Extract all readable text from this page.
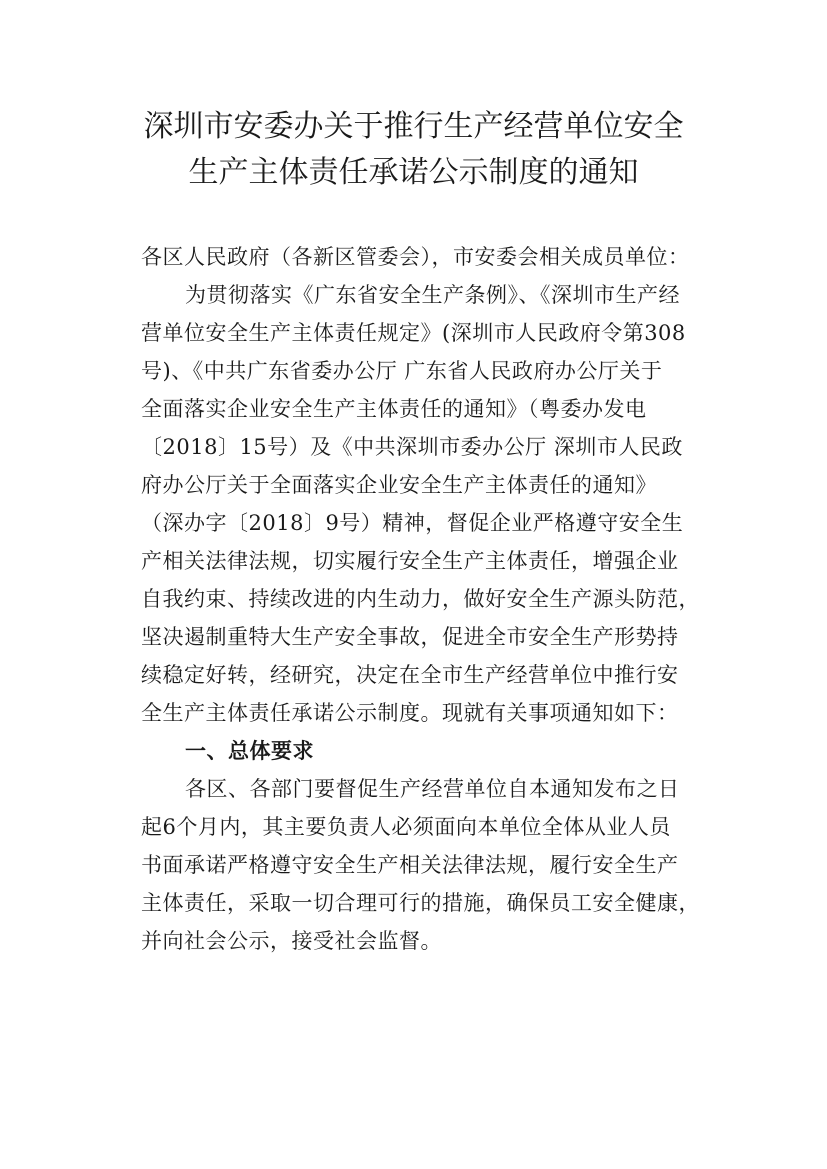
深圳市安委办关于推行生产经营单位安全
生产主体责任承诺公示制度的通知
各区人民政府（各新区管委会），市安委会相关成员单位：
为贯彻落实《广东省安全生产条例》、《深圳市生产经
营单位安全生产主体责任规定》(深圳市人民政府令第308
号)、《中共广东省委办公厅 广东省人民政府办公厅关于
全面落实企业安全生产主体责任的通知》（粤委办发电
〔2018〕15号）及《中共深圳市委办公厅 深圳市人民政
府办公厅关于全面落实企业安全生产主体责任的通知》
（深办字〔2018〕9号）精神，督促企业严格遵守安全生
产相关法律法规，切实履行安全生产主体责任，增强企业
自我约束、持续改进的内生动力，做好安全生产源头防范，
坚决遏制重特大生产安全事故，促进全市安全生产形势持
续稳定好转，经研究，决定在全市生产经营单位中推行安
全生产主体责任承诺公示制度。现就有关事项通知如下：
一、总体要求
各区、各部门要督促生产经营单位自本通知发布之日
起6个月内，其主要负责人必须面向本单位全体从业人员
书面承诺严格遵守安全生产相关法律法规，履行安全生产
主体责任，采取一切合理可行的措施，确保员工安全健康，
并向社会公示，接受社会监督。
